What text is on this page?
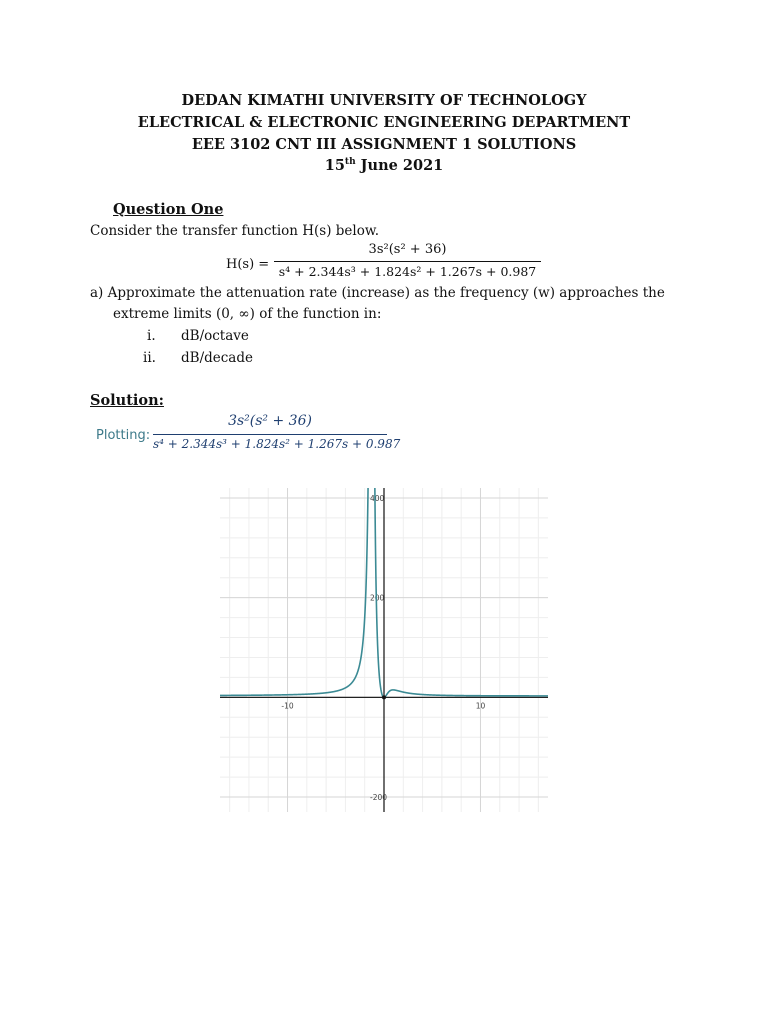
DEDAN KIMATHI UNIVERSITY OF TECHNOLOGY
ELECTRICAL & ELECTRONIC ENGINEERING DEPARTMENT
EEE 3102 CNT III ASSIGNMENT 1 SOLUTIONS
15th June 2021
Question One
Consider the transfer function H(s) below.
H(s) =
3s²(s² + 36)
s⁴ + 2.344s³ + 1.824s² + 1.267s + 0.987
a) Approximate the attenuation rate (increase) as the frequency (w) approaches the
extreme limits (0, ∞) of the function in:
i. dB/octave
ii. dB/decade
Solution:
Plotting:
3s²(s² + 36)
s⁴ + 2.344s³ + 1.824s² + 1.267s + 0.987
-10	10
400
200
-200
